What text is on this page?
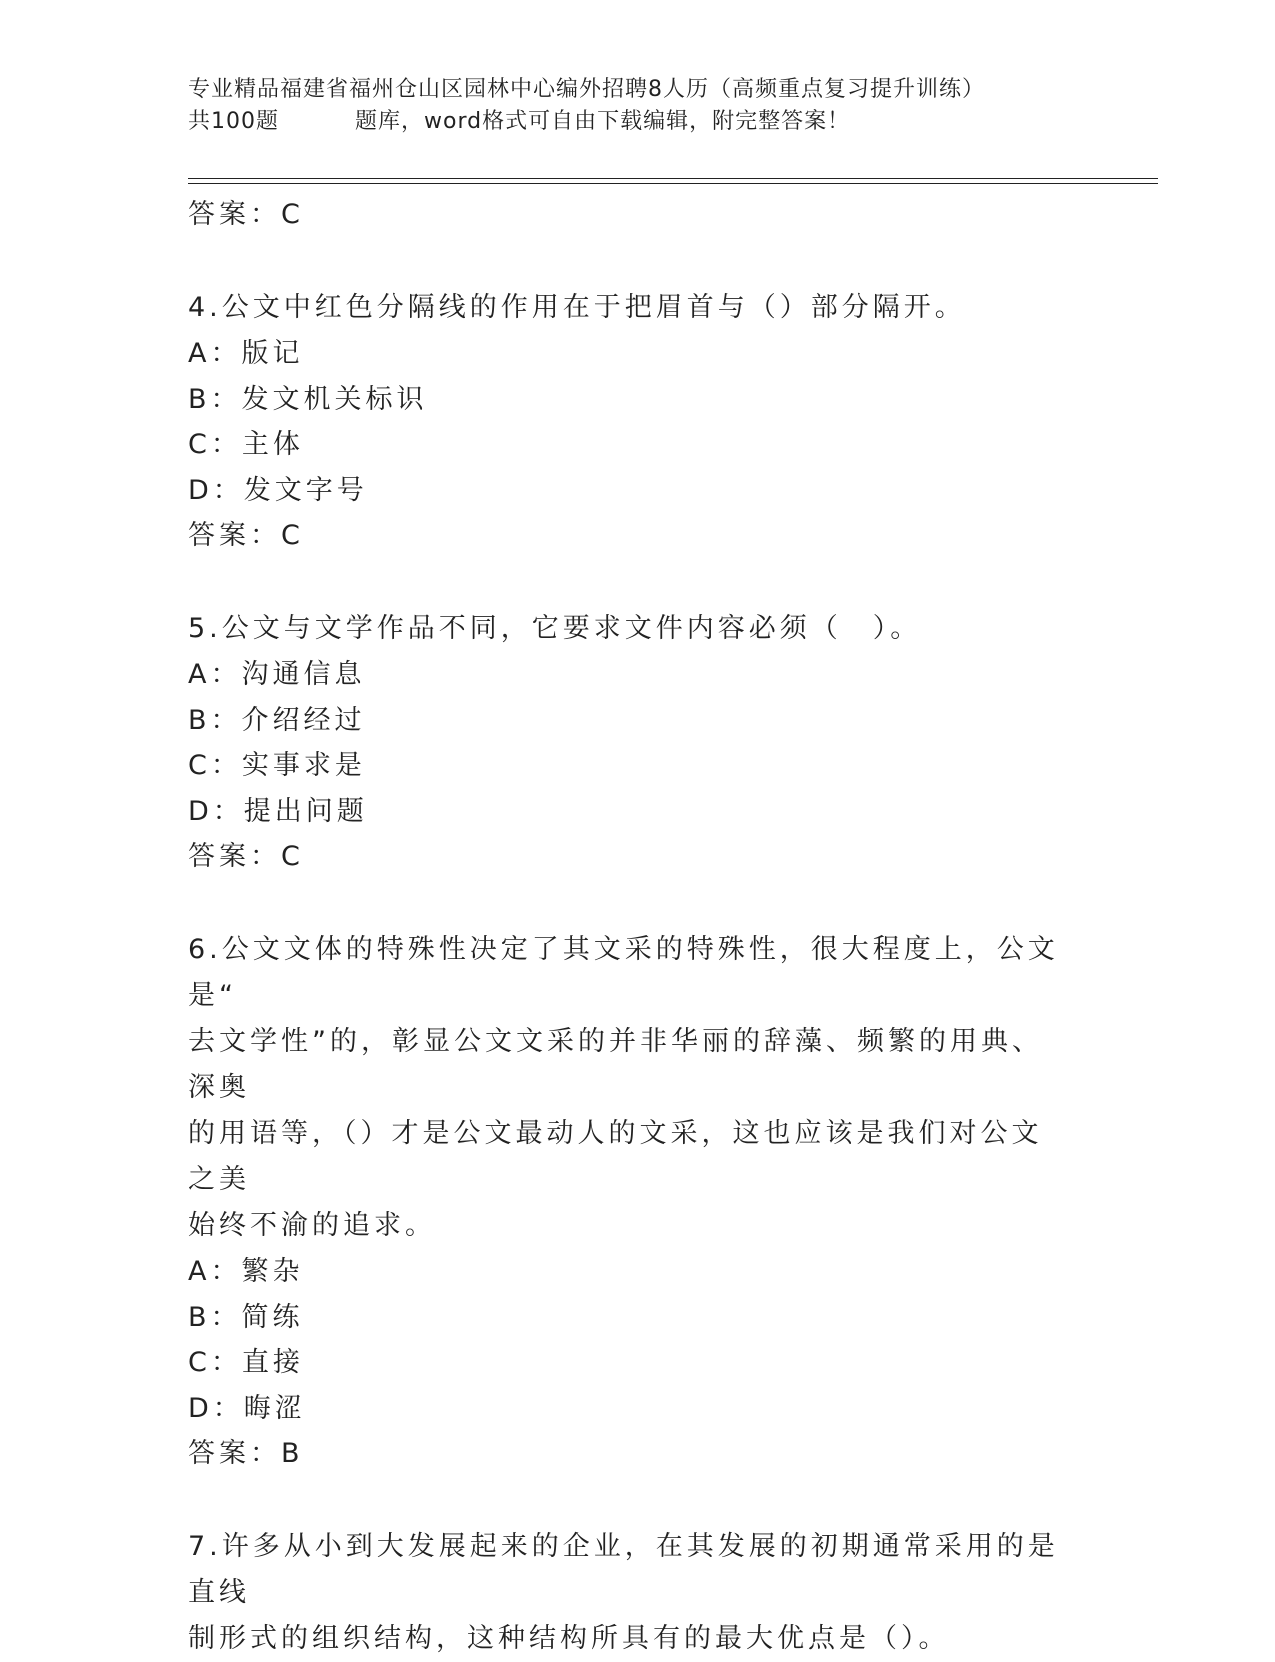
专业精品福建省福州仓山区园林中心编外招聘8人历（高频重点复习提升训练）
共100题	题库，word格式可自由下载编辑，附完整答案！
答案：C
4.公文中红色分隔线的作用在于把眉首与（）部分隔开。
A：版记
B：发文机关标识
C：主体
D：发文字号
答案：C
5.公文与文学作品不同，它要求文件内容必须（　）。
A：沟通信息
B：介绍经过
C：实事求是
D：提出问题
答案：C
6.公文文体的特殊性决定了其文采的特殊性，很大程度上，公文是“
去文学性”的，彰显公文文采的并非华丽的辞藻、频繁的用典、深奥
的用语等，（）才是公文最动人的文采，这也应该是我们对公文之美
始终不渝的追求。
A：繁杂
B：简练
C：直接
D：晦涩
答案：B
7.许多从小到大发展起来的企业，在其发展的初期通常采用的是直线
制形式的组织结构，这种结构所具有的最大优点是（）。
